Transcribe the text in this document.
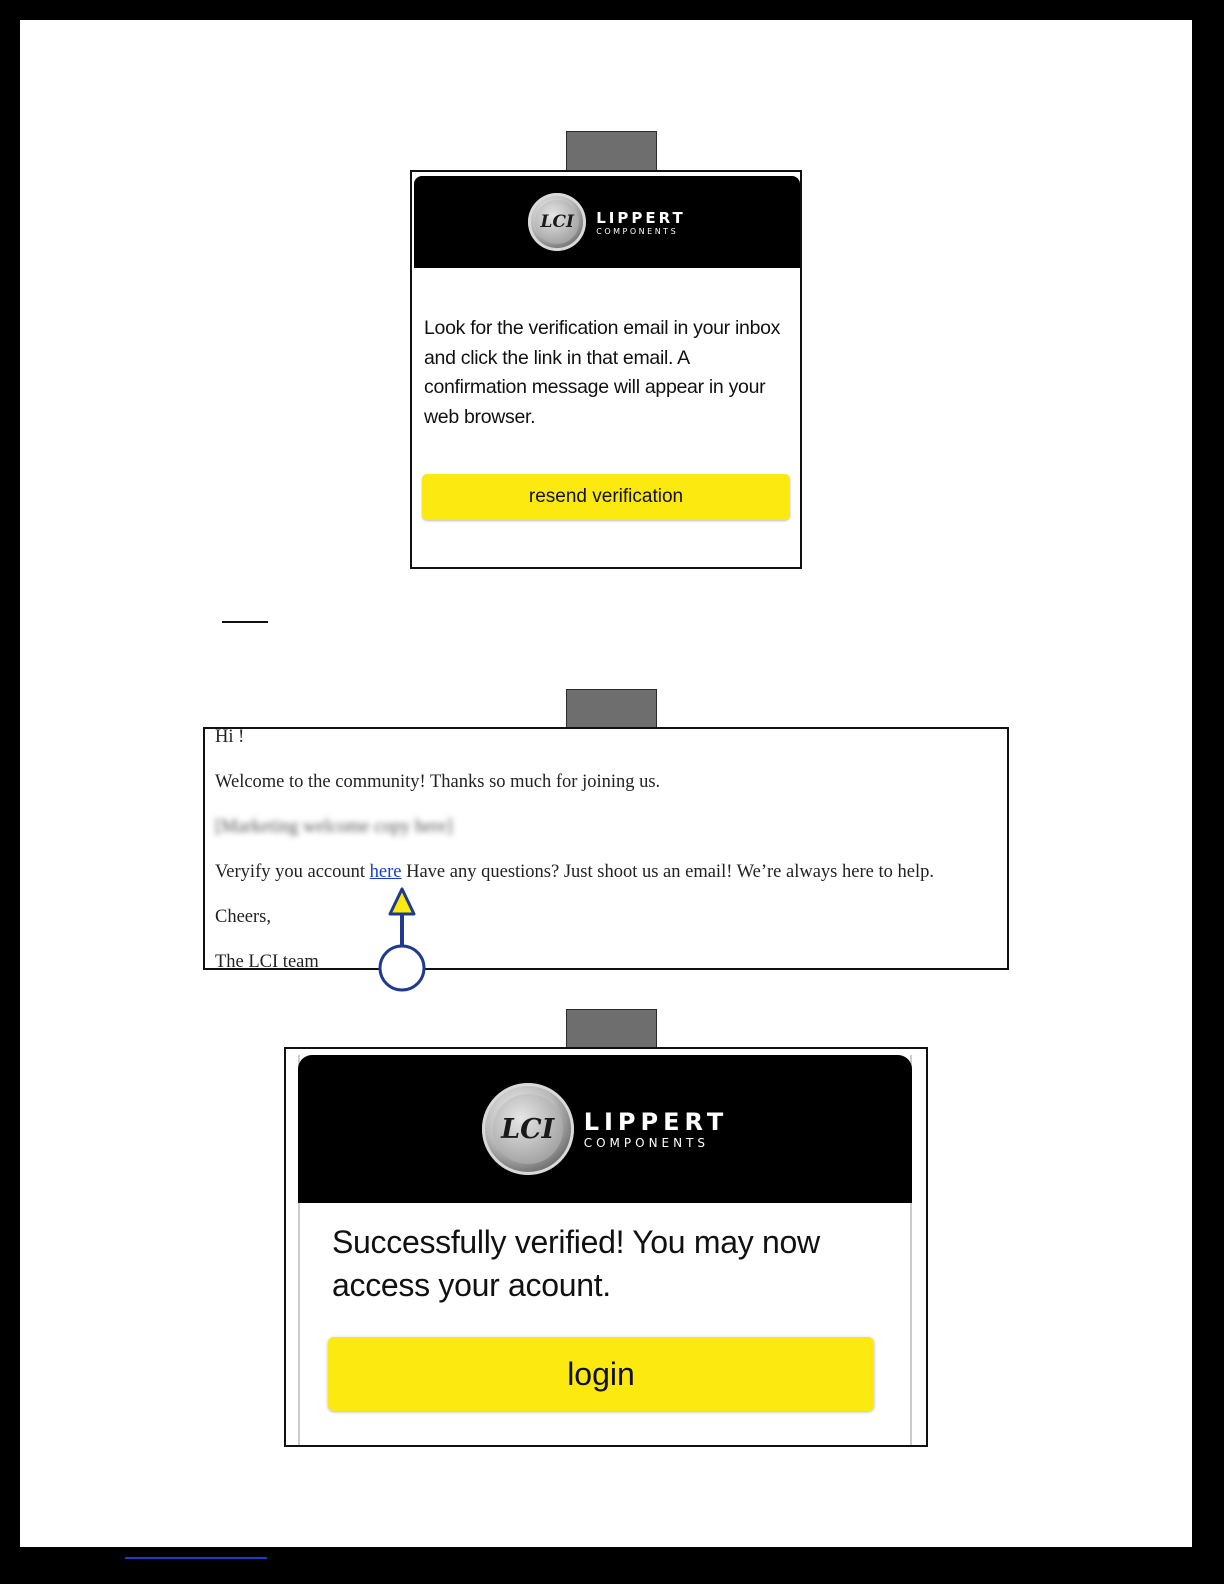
LCI	LIPPERT
COMPONENTS
Look for the verification email in your inbox and click the link in that email. A confirmation message will appear in your web browser.
resend verification

Hi !

Welcome to the community! Thanks so much for joining us.

[Marketing welcome copy here]

Veryify you account here Have any questions? Just shoot us an email! We’re always here to help.

Cheers,

The LCI team

LCI	LIPPERT
COMPONENTS
Successfully verified! You may now access your acount.
login
